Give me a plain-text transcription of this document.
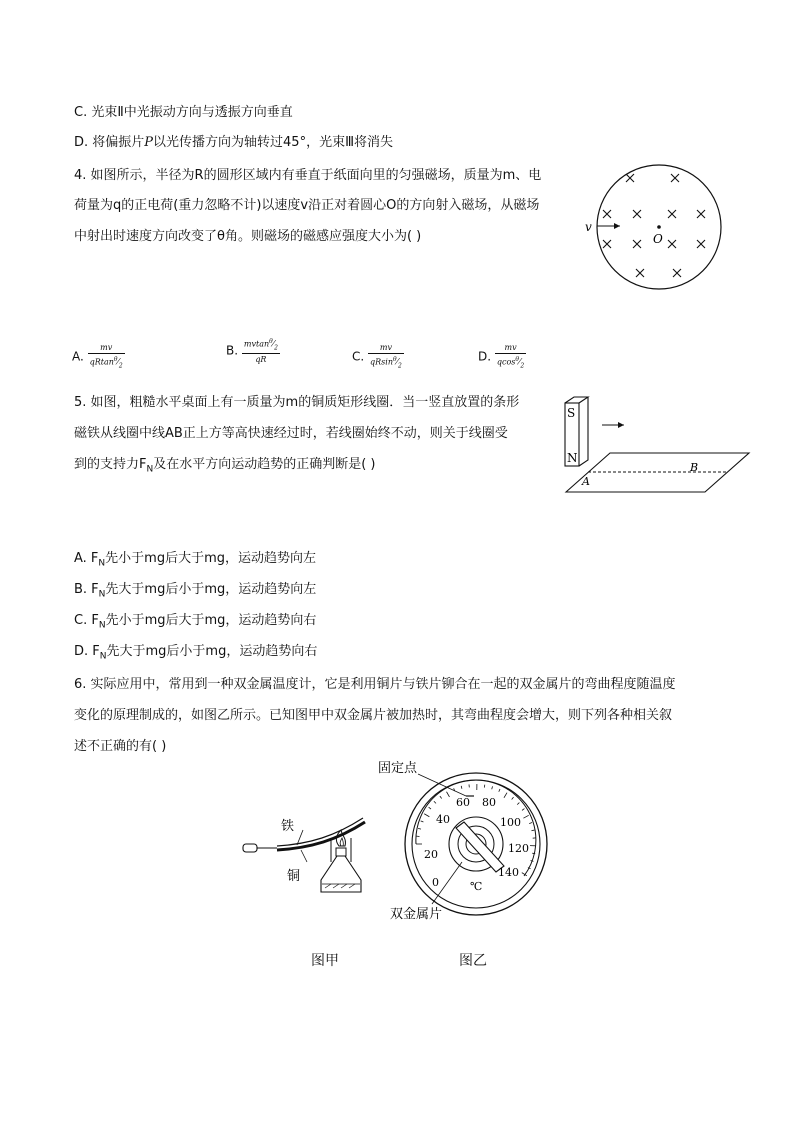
C. 光束Ⅱ中光振动方向与透振方向垂直
D. 将偏振片P以光传播方向为轴转过45°，光束Ⅲ将消失
4. 如图所示，半径为R的圆形区域内有垂直于纸面向里的匀强磁场，质量为m、电
荷量为q的正电荷(重力忽略不计)以速度v沿正对着圆心O的方向射入磁场，从磁场
中射出时速度方向改变了θ角。则磁场的磁感应强度大小为( )
v
O
A. $\frac{mv}{qRtan^\theta⁄_2}$	B. $\frac{mvtan^\theta⁄_2}{qR}$	C. $\frac{mv}{qRsin^\theta⁄_2}$	D. $\frac{mv}{qcos^\theta⁄_2}$
5. 如图，粗糙水平桌面上有一质量为m的铜质矩形线圈．当一竖直放置的条形
磁铁从线圈中线AB正上方等高快速经过时，若线圈始终不动，则关于线圈受
到的支持力$F_N$及在水平方向运动趋势的正确判断是( )
S
N
A
B
A. $F_N$先小于mg后大于mg，运动趋势向左
B. $F_N$先大于mg后小于mg，运动趋势向左
C. $F_N$先小于mg后大于mg，运动趋势向右
D. $F_N$先大于mg后小于mg，运动趋势向右
6. 实际应用中，常用到一种双金属温度计，它是利用铜片与铁片铆合在一起的双金属片的弯曲程度随温度
变化的原理制成的，如图乙所示。已知图甲中双金属片被加热时，其弯曲程度会增大，则下列各种相关叙
述不正确的有( )
铁
铜
图甲
0
20
40
60 80
100
120
140
℃
固定点
双金属片
图乙
